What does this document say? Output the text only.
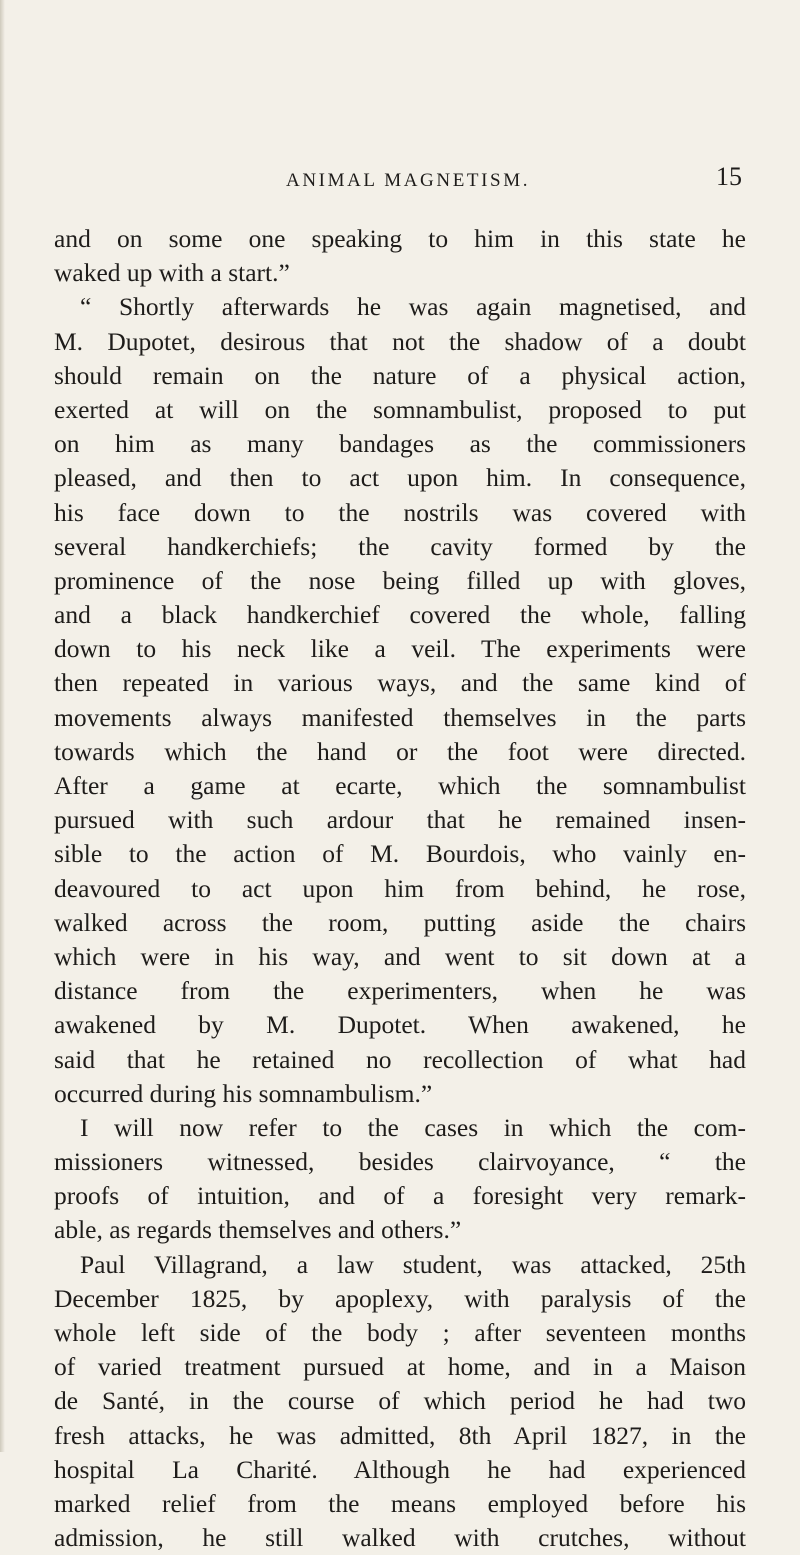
ANIMAL MAGNETISM.	15
and on some one speaking to him in this state he
waked up with a start.”
“ Shortly afterwards he was again magnetised, and
M. Dupotet, desirous that not the shadow of a doubt
should remain on the nature of a physical action,
exerted at will on the somnambulist, proposed to put
on him as many bandages as the commissioners
pleased, and then to act upon him. In consequence,
his face down to the nostrils was covered with
several handkerchiefs; the cavity formed by the
prominence of the nose being filled up with gloves,
and a black handkerchief covered the whole, falling
down to his neck like a veil. The experiments were
then repeated in various ways, and the same kind of
movements always manifested themselves in the parts
towards which the hand or the foot were directed.
After a game at ecarte, which the somnambulist
pursued with such ardour that he remained insen-
sible to the action of M. Bourdois, who vainly en-
deavoured to act upon him from behind, he rose,
walked across the room, putting aside the chairs
which were in his way, and went to sit down at a
distance from the experimenters, when he was
awakened by M. Dupotet. When awakened, he
said that he retained no recollection of what had
occurred during his somnambulism.”
I will now refer to the cases in which the com-
missioners witnessed, besides clairvoyance, “ the
proofs of intuition, and of a foresight very remark-
able, as regards themselves and others.”
Paul Villagrand, a law student, was attacked, 25th
December 1825, by apoplexy, with paralysis of the
whole left side of the body ; after seventeen months
of varied treatment pursued at home, and in a Maison
de Santé, in the course of which period he had two
fresh attacks, he was admitted, 8th April 1827, in the
hospital La Charité. Although he had experienced
marked relief from the means employed before his
admission, he still walked with crutches, without
